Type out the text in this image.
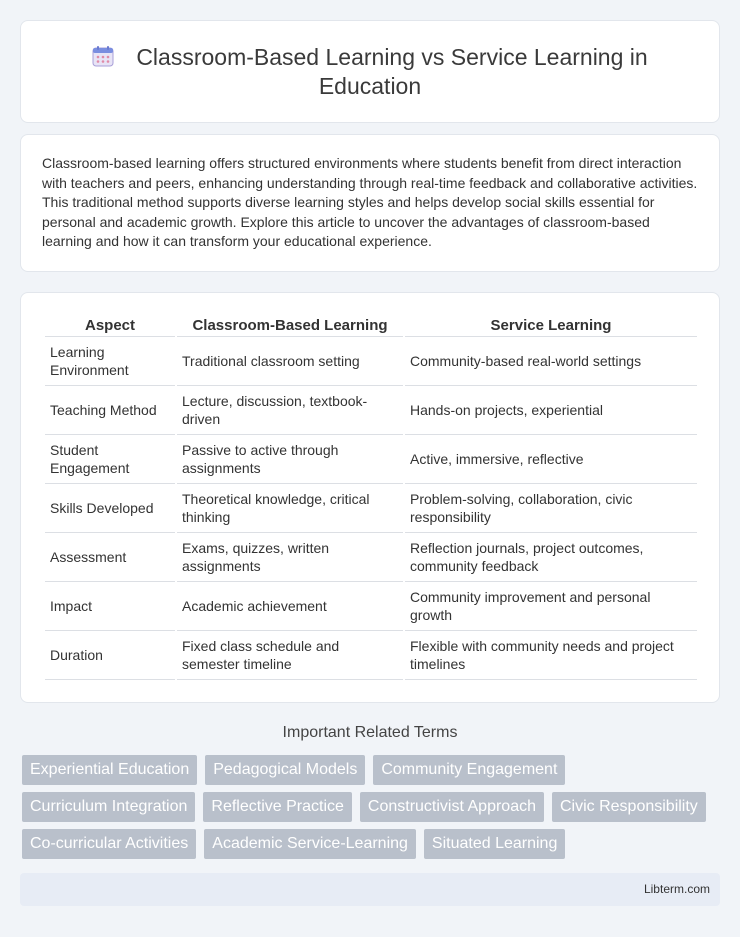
Classroom-Based Learning vs Service Learning in Education

Classroom-based learning offers structured environments where students benefit from direct interaction with teachers and peers, enhancing understanding through real-time feedback and collaborative activities. This traditional method supports diverse learning styles and helps develop social skills essential for personal and academic growth. Explore this article to uncover the advantages of classroom-based learning and how it can transform your educational experience.

Aspect	Classroom-Based Learning	Service Learning
Learning Environment	Traditional classroom setting	Community-based real-world settings
Teaching Method	Lecture, discussion, textbook-driven	Hands-on projects, experiential
Student Engagement	Passive to active through assignments	Active, immersive, reflective
Skills Developed	Theoretical knowledge, critical thinking	Problem-solving, collaboration, civic responsibility
Assessment	Exams, quizzes, written assignments	Reflection journals, project outcomes, community feedback
Impact	Academic achievement	Community improvement and personal growth
Duration	Fixed class schedule and semester timeline	Flexible with community needs and project timelines
Important Related Terms
Experiential Education	Pedagogical Models	Community Engagement
Curriculum Integration	Reflective Practice	Constructivist Approach	Civic Responsibility
Co-curricular Activities	Academic Service-Learning	Situated Learning
Libterm.com
